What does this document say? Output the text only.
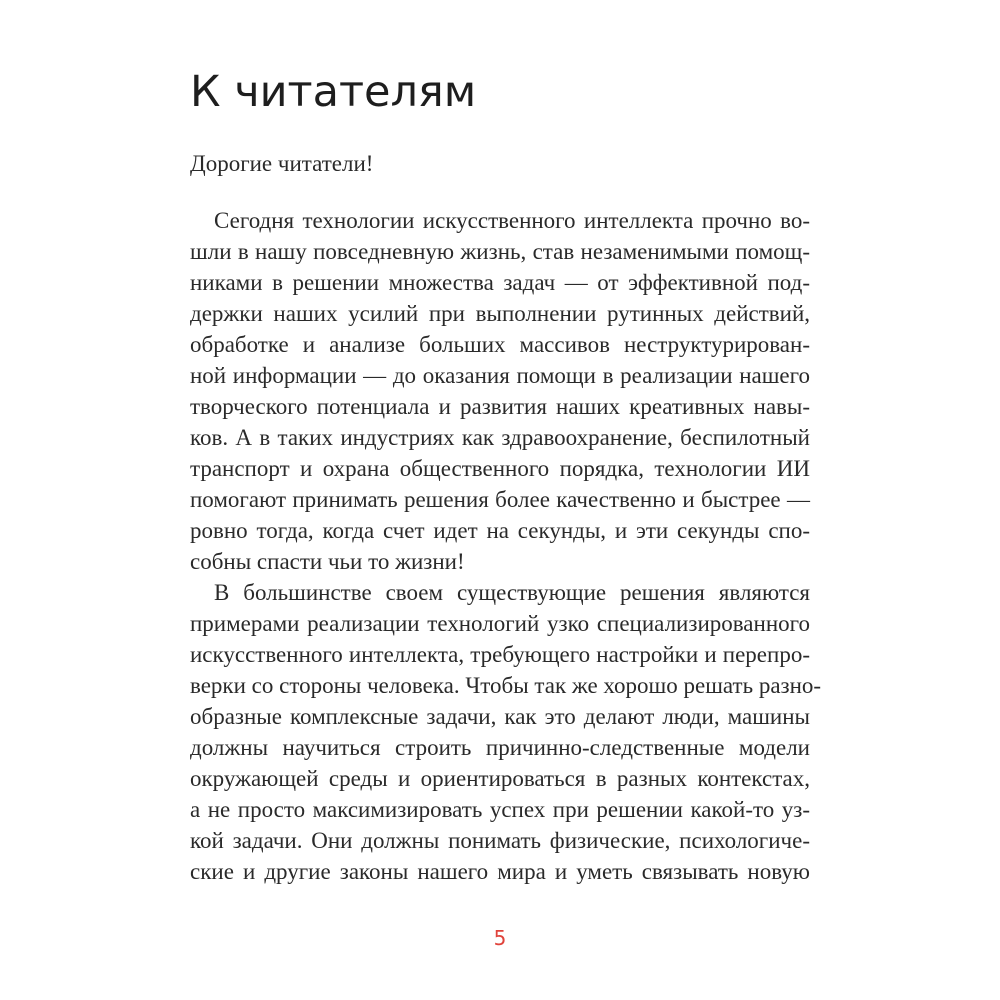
К читателям

Дорогие читатели!

Сегодня технологии искусственного интеллекта прочно во-
шли в нашу повседневную жизнь, став незаменимыми помощ-
никами в решении множества задач — от эффективной под-
держки наших усилий при выполнении рутинных действий,
обработке и анализе больших массивов неструктурирован-
ной информации — до оказания помощи в реализации нашего
творческого потенциала и развития наших креативных навы-
ков. А в таких индустриях как здравоохранение, беспилотный
транспорт и охрана общественного порядка, технологии ИИ
помогают принимать решения более качественно и быстрее —
ровно тогда, когда счет идет на секунды, и эти секунды спо-
собны спасти чьи то жизни!
В большинстве своем существующие решения являются
примерами реализации технологий узко специализированного
искусственного интеллекта, требующего настройки и перепро-
верки со стороны человека. Чтобы так же хорошо решать разно-
образные комплексные задачи, как это делают люди, машины
должны научиться строить причинно-следственные модели
окружающей среды и ориентироваться в разных контекстах,
а не просто максимизировать успех при решении какой-то уз-
кой задачи. Они должны понимать физические, психологиче-
ские и другие законы нашего мира и уметь связывать новую
5
